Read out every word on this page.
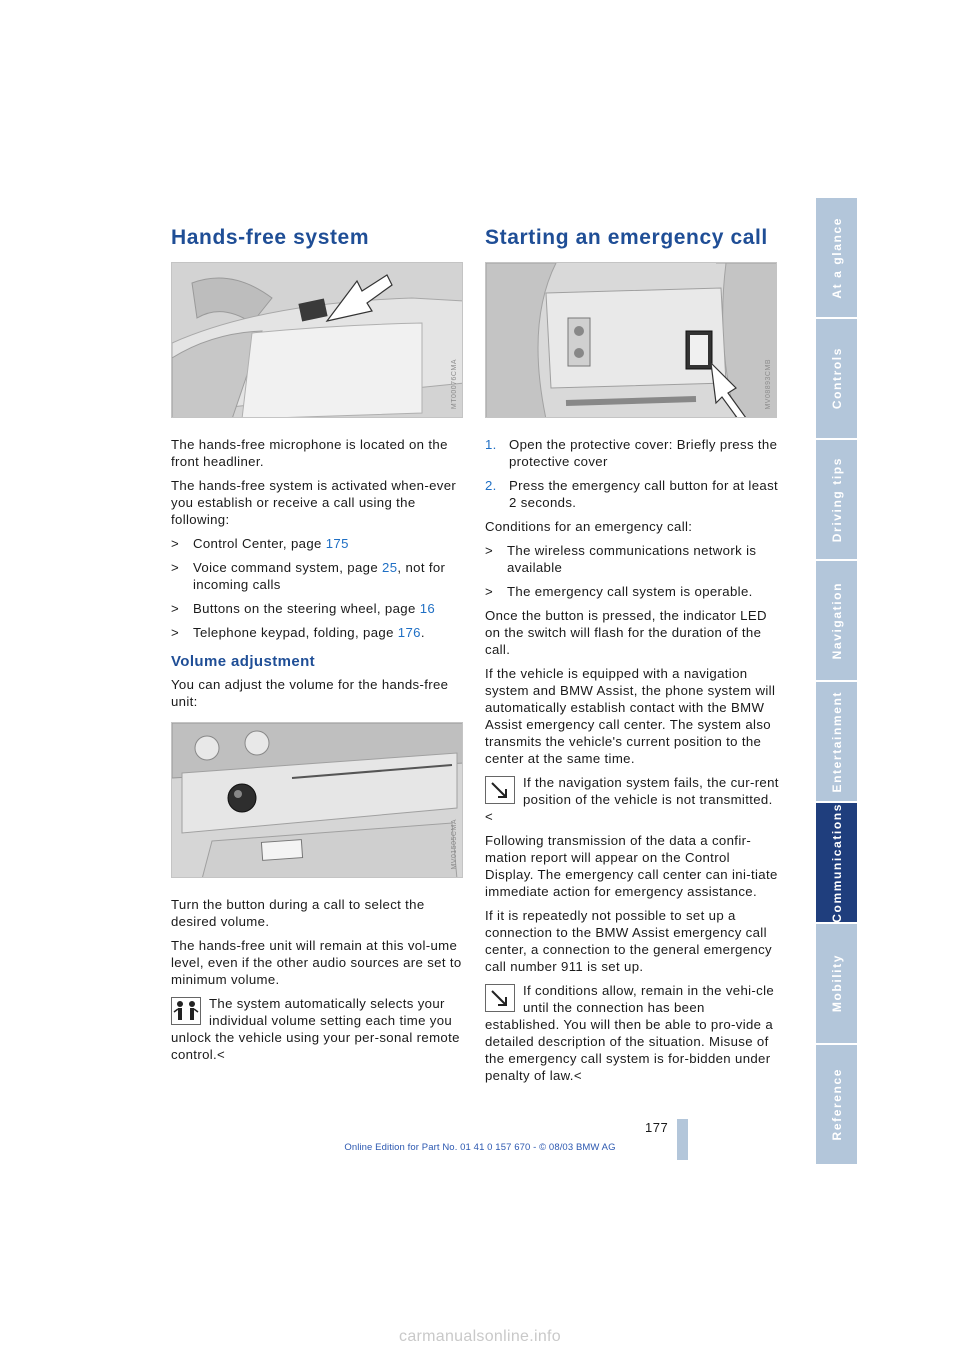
Hands-free system
MT00076CMA

The hands-free microphone is located on the front headliner.

The hands-free system is activated when-ever you establish or receive a call using the following:

>	Control Center, page 175
>	Voice command system, page 25, not for incoming calls
>	Buttons on the steering wheel, page 16
>	Telephone keypad, folding, page 176.
Volume adjustment

You can adjust the volume for the hands-free unit:

MV01505CMA

Turn the button during a call to select the desired volume.

The hands-free unit will remain at this vol-ume level, even if the other audio sources are set to minimum volume.

The system automatically selects your individual volume setting each time you unlock the vehicle using your per-sonal remote control.<
Starting an emergency call
MV08893CMB
1. Open the protective cover: Briefly press the protective cover
2. Press the emergency call button for at least 2 seconds.

Conditions for an emergency call:

>	The wireless communications network is available
>	The emergency call system is operable.

Once the button is pressed, the indicator LED on the switch will flash for the duration of the call.

If the vehicle is equipped with a navigation system and BMW Assist, the phone system will automatically establish contact with the BMW Assist emergency call center. The system also transmits the vehicle's current position to the center at the same time.

If the navigation system fails, the cur-rent position of the vehicle is not transmitted.<

Following transmission of the data a confir-mation report will appear on the Control Display. The emergency call center can ini-tiate immediate action for emergency assistance.

If it is repeatedly not possible to set up a connection to the BMW Assist emergency call center, a connection to the general emergency call number 911 is set up.

If conditions allow, remain in the vehi-cle until the connection has been established. You will then be able to pro-vide a detailed description of the situation. Misuse of the emergency call system is for-bidden under penalty of law.<
At a glance
Controls
Driving tips
Navigation
Entertainment
Communications
Mobility
Reference
177
Online Edition for Part No. 01 41 0 157 670 - © 08/03 BMW AG
carmanualsonline.info
